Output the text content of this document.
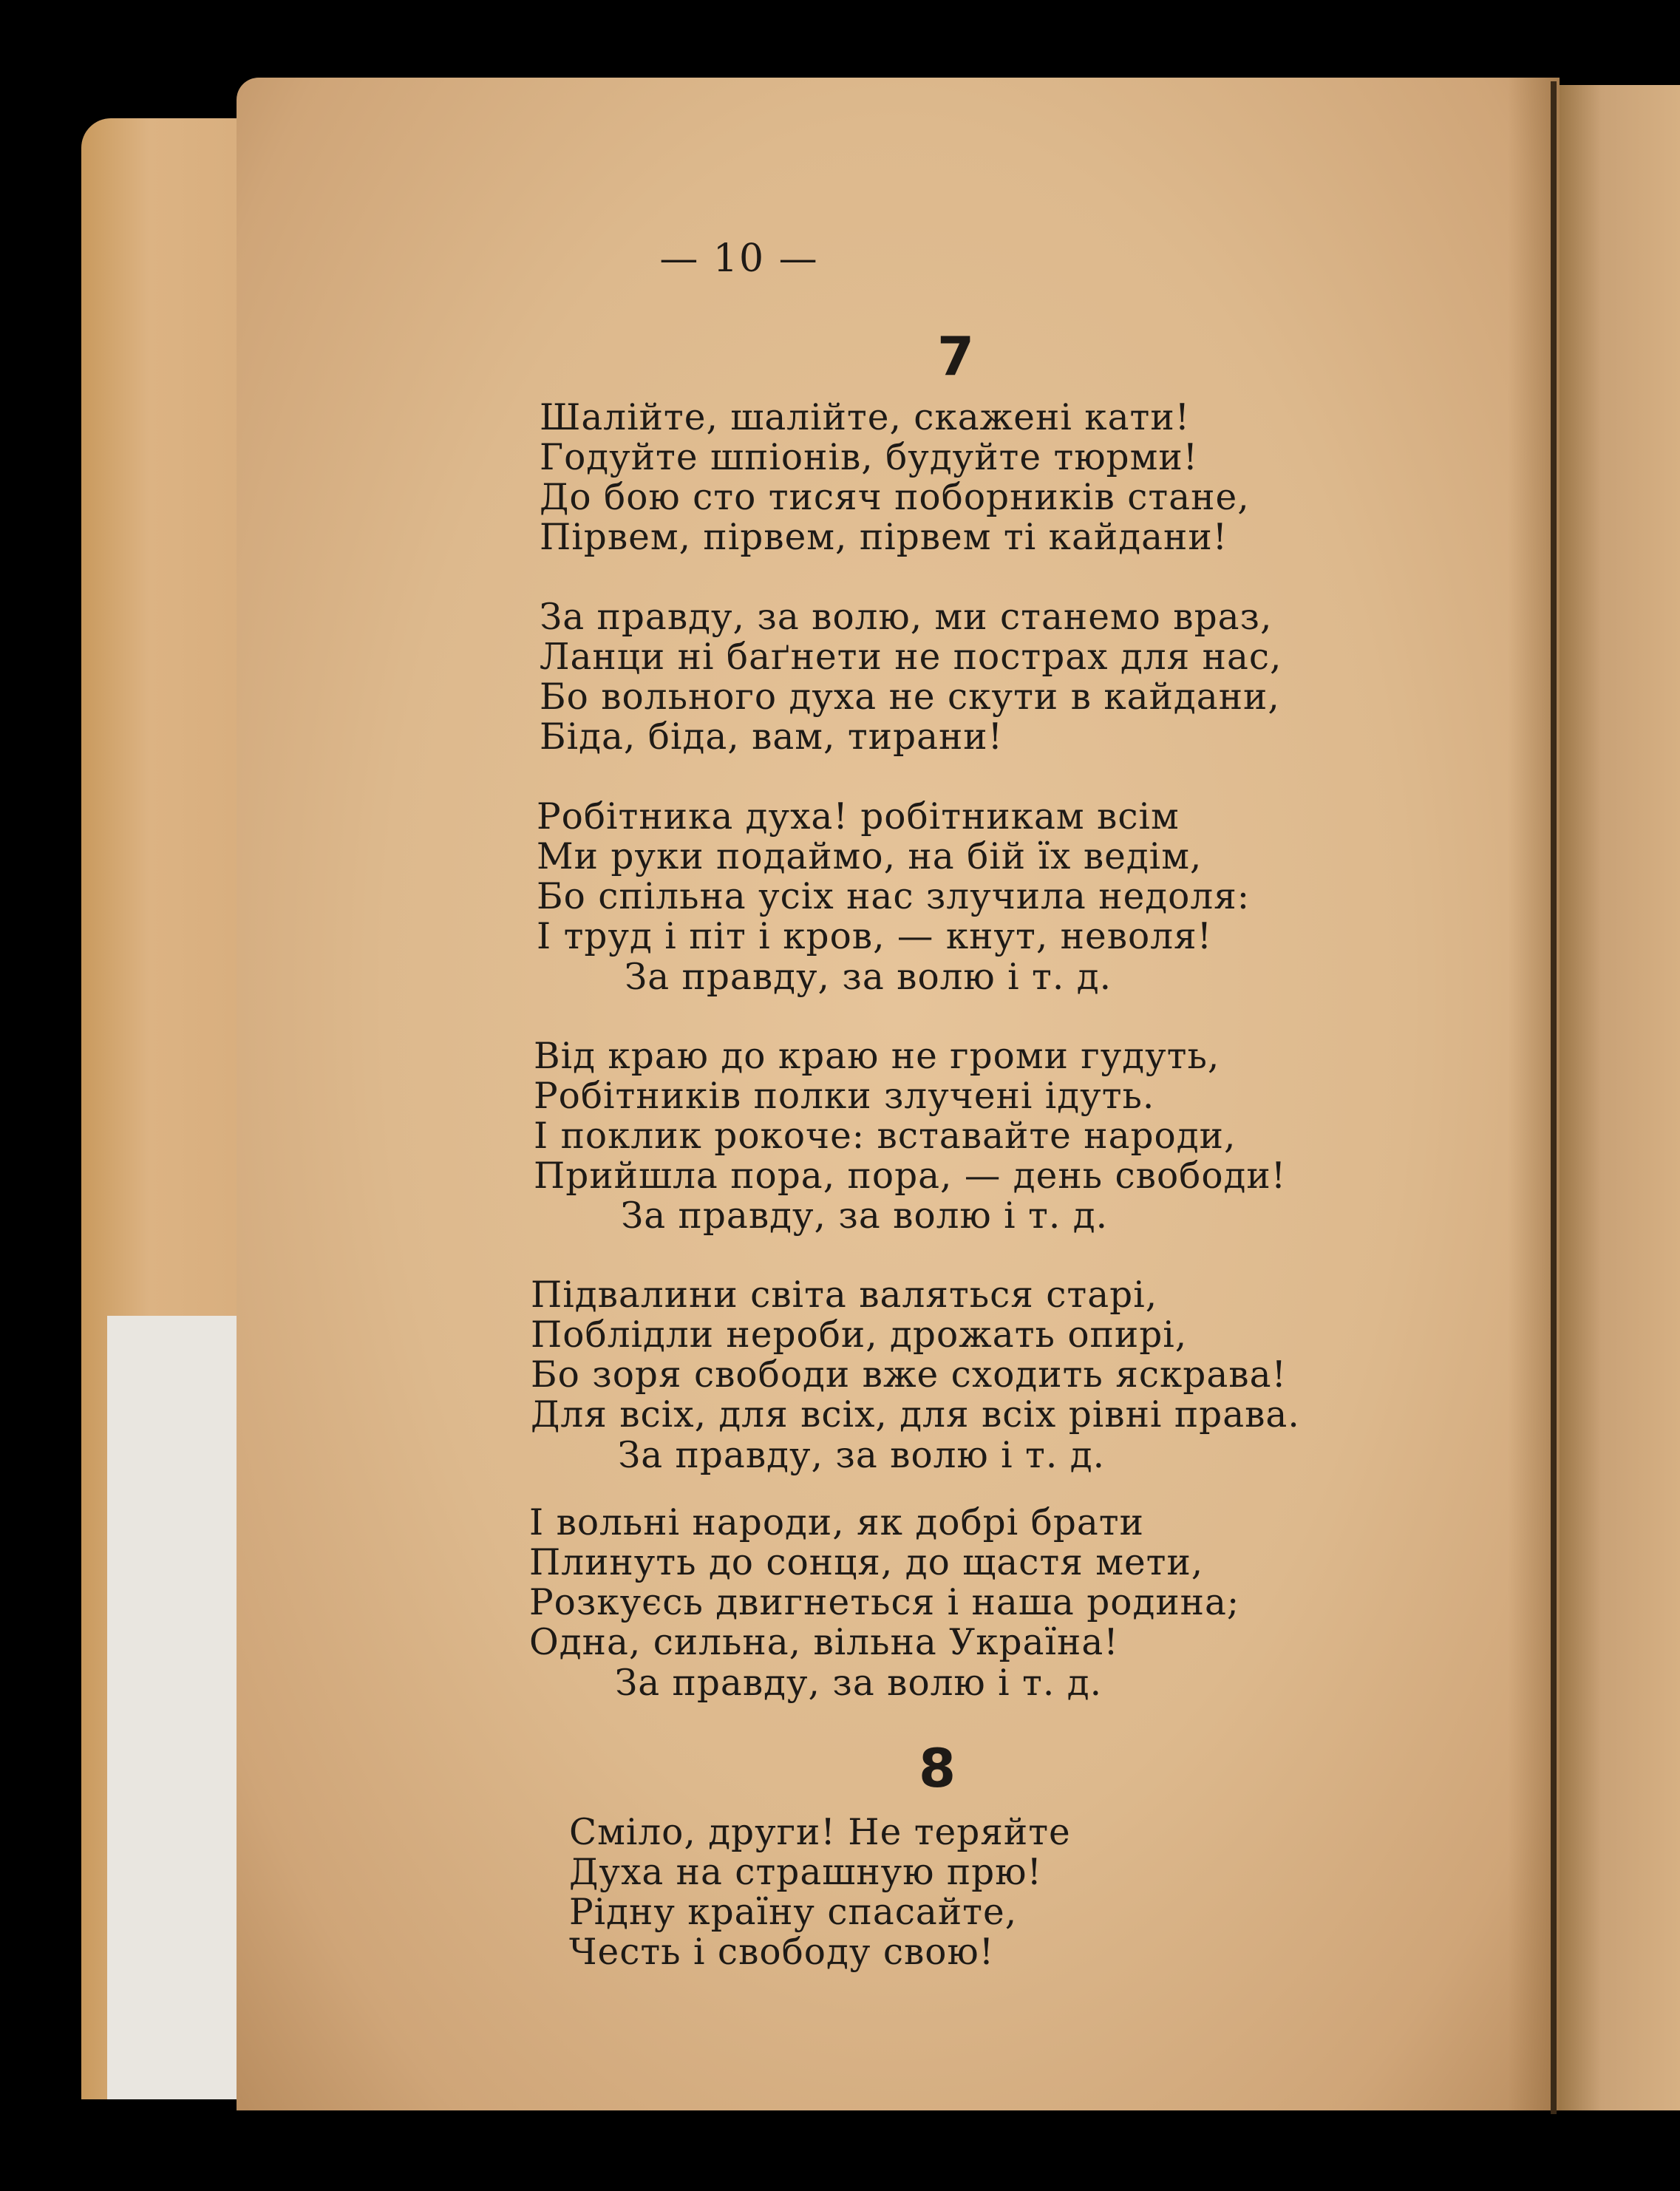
— 10 —
7
Шалійте, шалійте, скажені кати!
Годуйте шпіонів, будуйте тюрми!
До бою сто тисяч поборників стане,
Пірвем, пірвем, пірвем ті кайдани!
За правду, за волю, ми станемо враз,
Ланци ні баґнети не пострах для нас,
Бо вольного духа не скути в кайдани,
Біда, біда, вам, тирани!
Робітника духа! робітникам всім
Ми руки подаймо, на бій їх ведім,
Бо спільна усіх нас злучила недоля:
І труд і піт і кров, — кнут, неволя!
За правду, за волю і т. д.
Від краю до краю не громи гудуть,
Робітників полки злучені ідуть.
І поклик рокоче: вставайте народи,
Прийшла пора, пора, — день свободи!
За правду, за волю і т. д.
Підвалини світа валяться старі,
Поблідли нероби, дрожать опирі,
Бо зоря свободи вже сходить яскрава!
Для всіх, для всіх, для всіх рівні права.
За правду, за волю і т. д.
І вольні народи, як добрі брати
Плинуть до сонця, до щастя мети,
Розкуєсь двигнеться і наша родина;
Одна, сильна, вільна Україна!
За правду, за волю і т. д.
8
Сміло, други! Не теряйте
Духа на страшную прю!
Рідну країну спасайте,
Честь і свободу свою!
